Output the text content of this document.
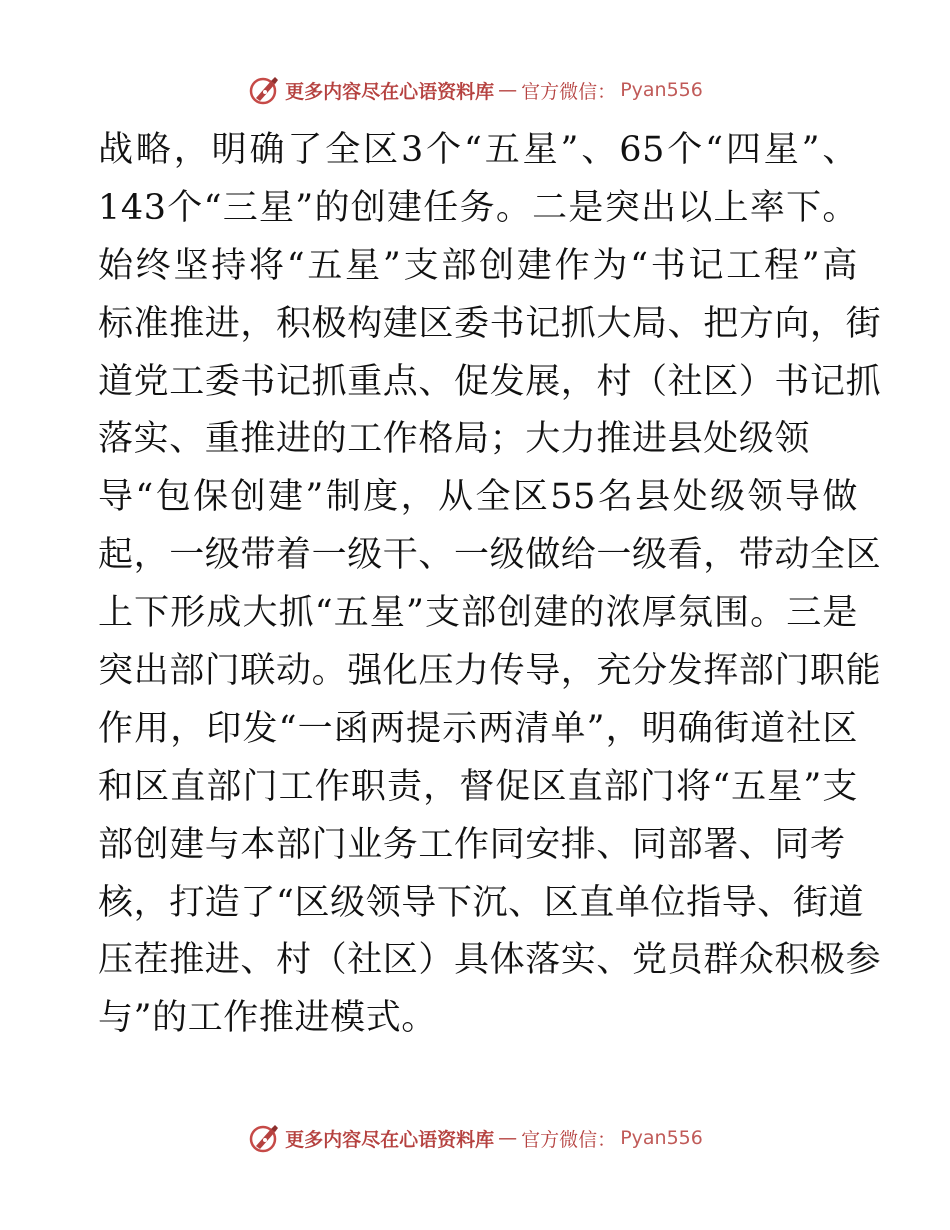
更多内容尽在心语资料库 — 官方微信： Pyan556
战略，明确了全区3个“五星”、65个“四星”、
143个“三星”的创建任务。二是突出以上率下。
始终坚持将“五星”支部创建作为“书记工程”高
标准推进，积极构建区委书记抓大局、把方向，街
道党工委书记抓重点、促发展，村（社区）书记抓
落实、重推进的工作格局；大力推进县处级领
导“包保创建”制度，从全区55名县处级领导做
起，一级带着一级干、一级做给一级看，带动全区
上下形成大抓“五星”支部创建的浓厚氛围。三是
突出部门联动。强化压力传导，充分发挥部门职能
作用，印发“一函两提示两清单”，明确街道社区
和区直部门工作职责，督促区直部门将“五星”支
部创建与本部门业务工作同安排、同部署、同考
核，打造了“区级领导下沉、区直单位指导、街道
压茬推进、村（社区）具体落实、党员群众积极参
与”的工作推进模式。
更多内容尽在心语资料库 — 官方微信： Pyan556
